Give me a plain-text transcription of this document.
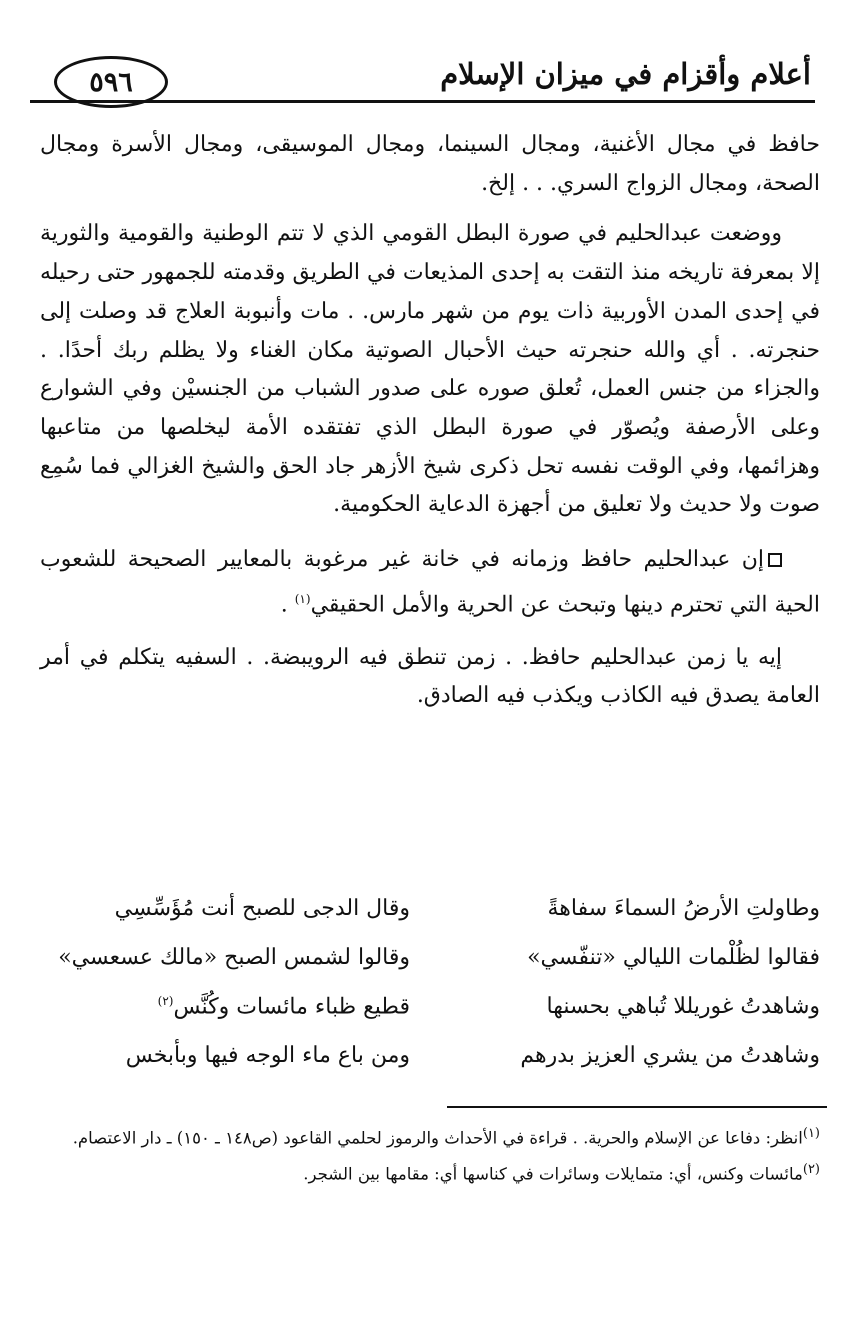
أعلام وأقزام في ميزان الإسلام
٥٩٦

حافظ في مجال الأغنية، ومجال السينما، ومجال الموسيقى، ومجال الأسرة ومجال الصحة، ومجال الزواج السري. . . إلخ.

ووضعت عبدالحليم في صورة البطل القومي الذي لا تتم الوطنية والقومية والثورية إلا بمعرفة تاريخه منذ التقت به إحدى المذيعات في الطريق وقدمته للجمهور حتى رحيله في إحدى المدن الأوربية ذات يوم من شهر مارس. . مات وأنبوبة العلاج قد وصلت إلى حنجرته. . أي والله حنجرته حيث الأحبال الصوتية مكان الغناء ولا يظلم ربك أحدًا. . والجزاء من جنس العمل، تُعلق صوره على صدور الشباب من الجنسيْن وفي الشوارع وعلى الأرصفة ويُصوّر في صورة البطل الذي تفتقده الأمة ليخلصها من متاعبها وهزائمها، وفي الوقت نفسه تحل ذكرى شيخ الأزهر جاد الحق والشيخ الغزالي فما سُمِع صوت ولا حديث ولا تعليق من أجهزة الدعاية الحكومية.

إن عبدالحليم حافظ وزمانه في خانة غير مرغوبة بالمعايير الصحيحة للشعوب الحية التي تحترم دينها وتبحث عن الحرية والأمل الحقيقي$^{(١)}$ .

إيه يا زمن عبدالحليم حافظ. . زمن تنطق فيه الرويبضة. . السفيه يتكلم في أمر العامة يصدق فيه الكاذب ويكذب فيه الصادق.

وطاولتِ الأرضُ السماءَ سفاهةً
وقال الدجى للصبح أنت مُؤَسِّسِي
فقالوا لظُلْمات الليالي «تنفّسي»
وقالوا لشمس الصبح «مالك عسعسي»
وشاهدتُ غوريللا تُباهي بحسنها
قطيع ظباء مائسات وكُنَّس$^{(٢)}$
وشاهدتُ من يشري العزيز بدرهم
ومن باع ماء الوجه فيها وبأبخس

$^{(١)}$انظر: دفاعا عن الإسلام والحرية. . قراءة في الأحداث والرموز لحلمي القاعود (ص١٤٨ ـ ١٥٠) ـ دار الاعتصام.

$^{(٢)}$مائسات وكنس، أي: متمايلات وسائرات في كناسها أي: مقامها بين الشجر.
